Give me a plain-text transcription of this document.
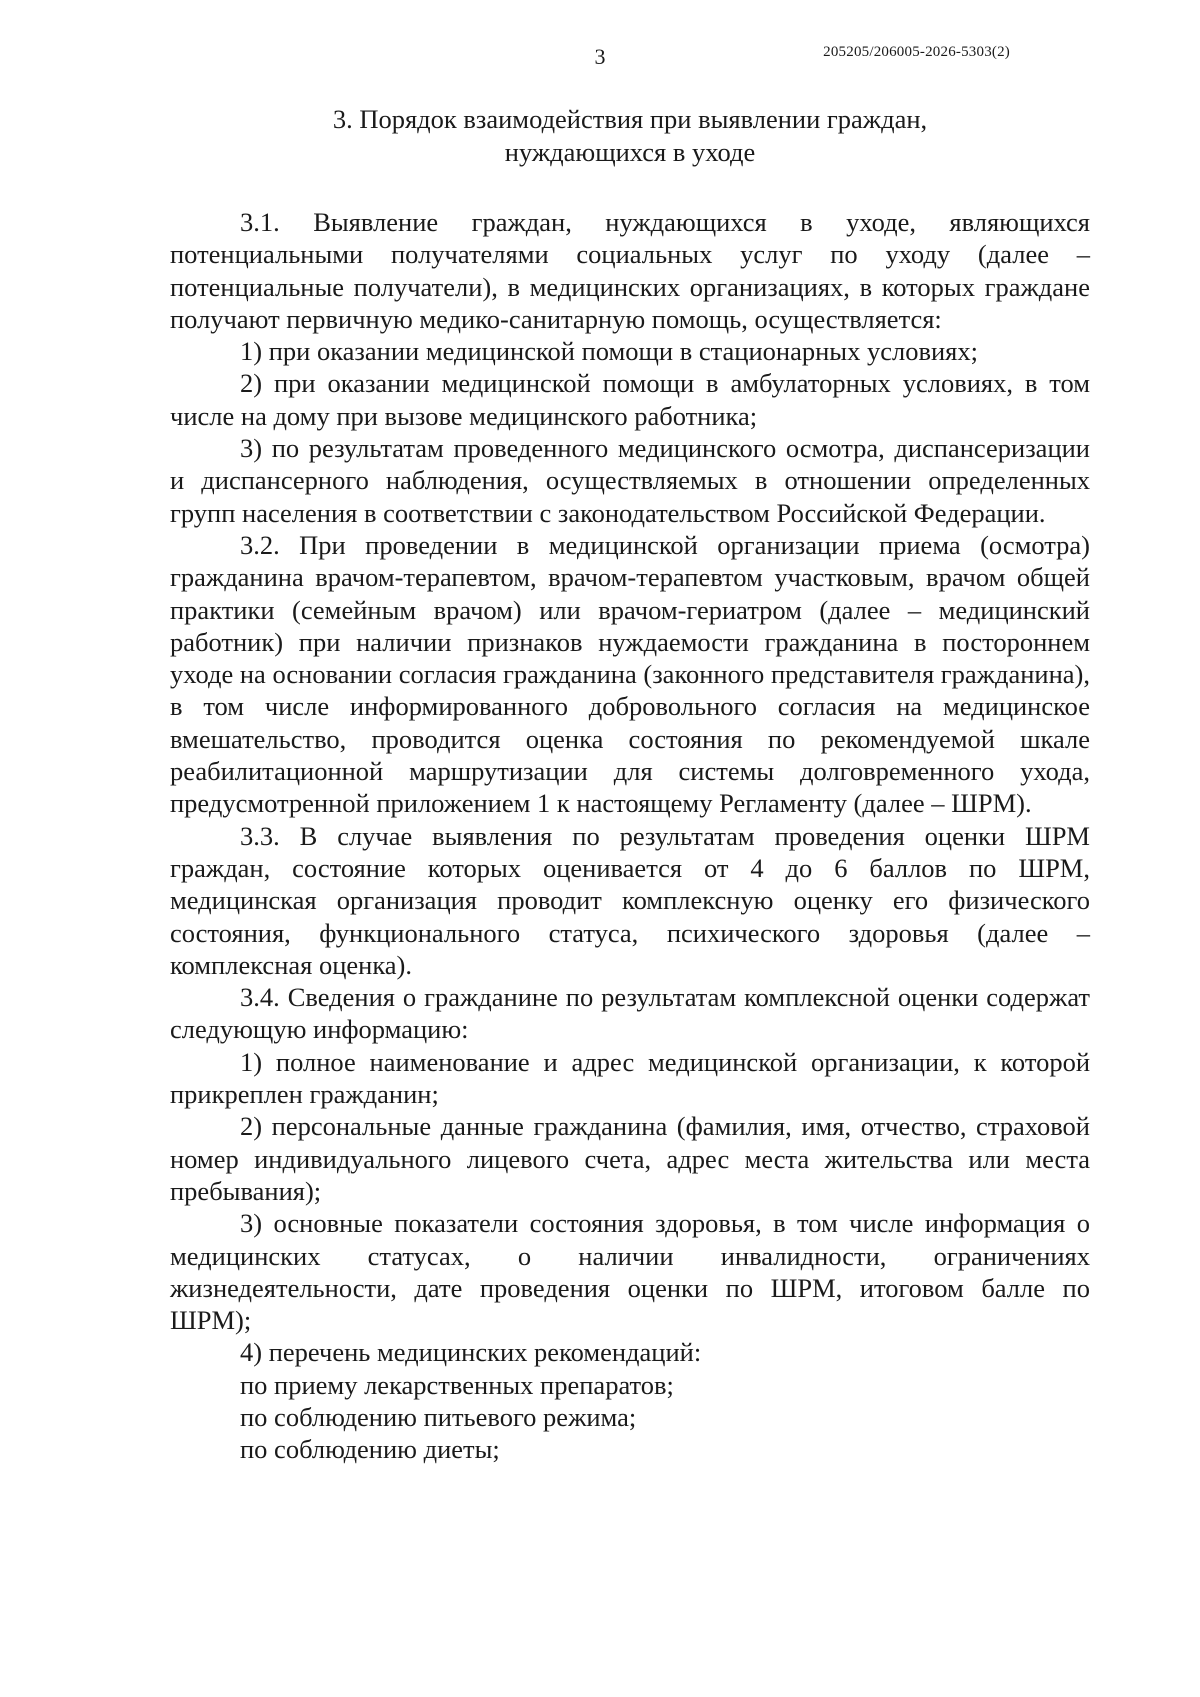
3	205205/206005-2026-5303(2)
3. Порядок взаимодействия при выявлении граждан,
нуждающихся в уходе

3.1. Выявление граждан, нуждающихся в уходе, являющихся потенциальными получателями социальных услуг по уходу (далее – потенциальные получатели), в медицинских организациях, в которых граждане получают первичную медико-санитарную помощь, осуществляется:

1) при оказании медицинской помощи в стационарных условиях;

2) при оказании медицинской помощи в амбулаторных условиях, в том числе на дому при вызове медицинского работника;

3) по результатам проведенного медицинского осмотра, диспансеризации и диспансерного наблюдения, осуществляемых в отношении определенных групп населения в соответствии с законодательством Российской Федерации.

3.2. При проведении в медицинской организации приема (осмотра) гражданина врачом-терапевтом, врачом-терапевтом участковым, врачом общей практики (семейным врачом) или врачом-гериатром (далее – медицинский работник) при наличии признаков нуждаемости гражданина в постороннем уходе на основании согласия гражданина (законного представителя гражданина), в том числе информированного добровольного согласия на медицинское вмешательство, проводится оценка состояния по рекомендуемой шкале реабилитационной маршрутизации для системы долговременного ухода, предусмотренной приложением 1 к настоящему Регламенту (далее – ШРМ).

3.3. В случае выявления по результатам проведения оценки ШРМ граждан, состояние которых оценивается от 4 до 6 баллов по ШРМ, медицинская организация проводит комплексную оценку его физического состояния, функционального статуса, психического здоровья (далее – комплексная оценка).

3.4. Сведения о гражданине по результатам комплексной оценки содержат следующую информацию:

1) полное наименование и адрес медицинской организации, к которой прикреплен гражданин;

2) персональные данные гражданина (фамилия, имя, отчество, страховой номер индивидуального лицевого счета, адрес места жительства или места пребывания);

3) основные показатели состояния здоровья, в том числе информация о медицинских статусах, о наличии инвалидности, ограничениях жизнедеятельности, дате проведения оценки по ШРМ, итоговом балле по ШРМ);

4) перечень медицинских рекомендаций:

по приему лекарственных препаратов;

по соблюдению питьевого режима;

по соблюдению диеты;
